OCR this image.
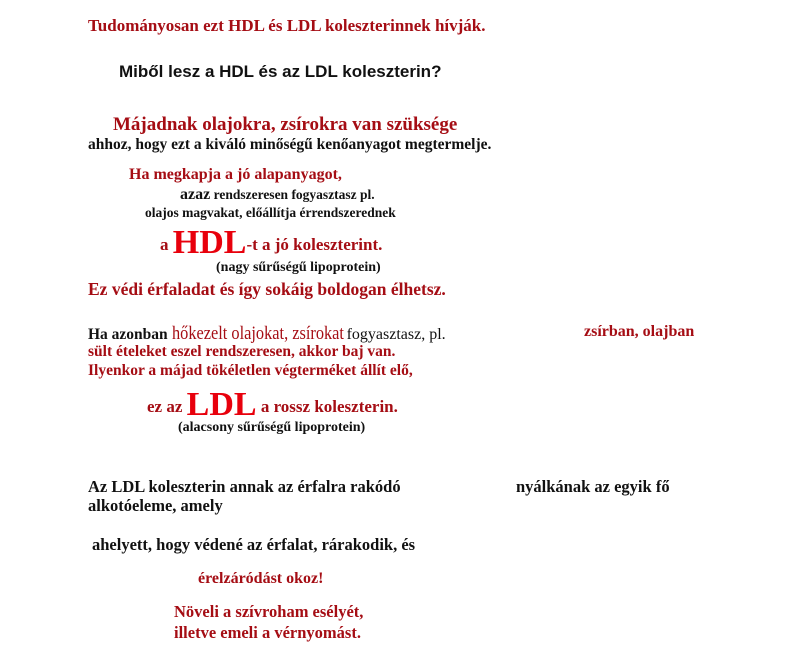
Tudományosan ezt HDL és LDL koleszterinnek hívják.
Miből lesz a HDL és az LDL koleszterin?
Májadnak olajokra, zsírokra van szüksége
ahhoz, hogy ezt a kiváló minőségű kenőanyagot megtermelje.
Ha megkapja a jó alapanyagot,
azaz rendszeresen fogyasztasz pl.
olajos magvakat, előállítja érrendszerednek
a HDL-t a jó koleszterint.
(nagy sűrűségű lipoprotein)
Ez védi érfaladat és így sokáig boldogan élhetsz.
Ha azonban hőkezelt olajokat, zsírokat fogyasztasz, pl.	zsírban, olajban
sült ételeket eszel rendszeresen, akkor baj van.
Ilyenkor a májad tökéletlen végterméket állít elő,
ez az LDL a rossz koleszterin.
(alacsony sűrűségű lipoprotein)
Az LDL koleszterin annak az érfalra rakódó	nyálkának az egyik fő
alkotóeleme, amely
ahelyett, hogy védené az érfalat, rárakodik, és
érelzáródást okoz!
Növeli a szívroham esélyét,
illetve emeli a vérnyomást.
